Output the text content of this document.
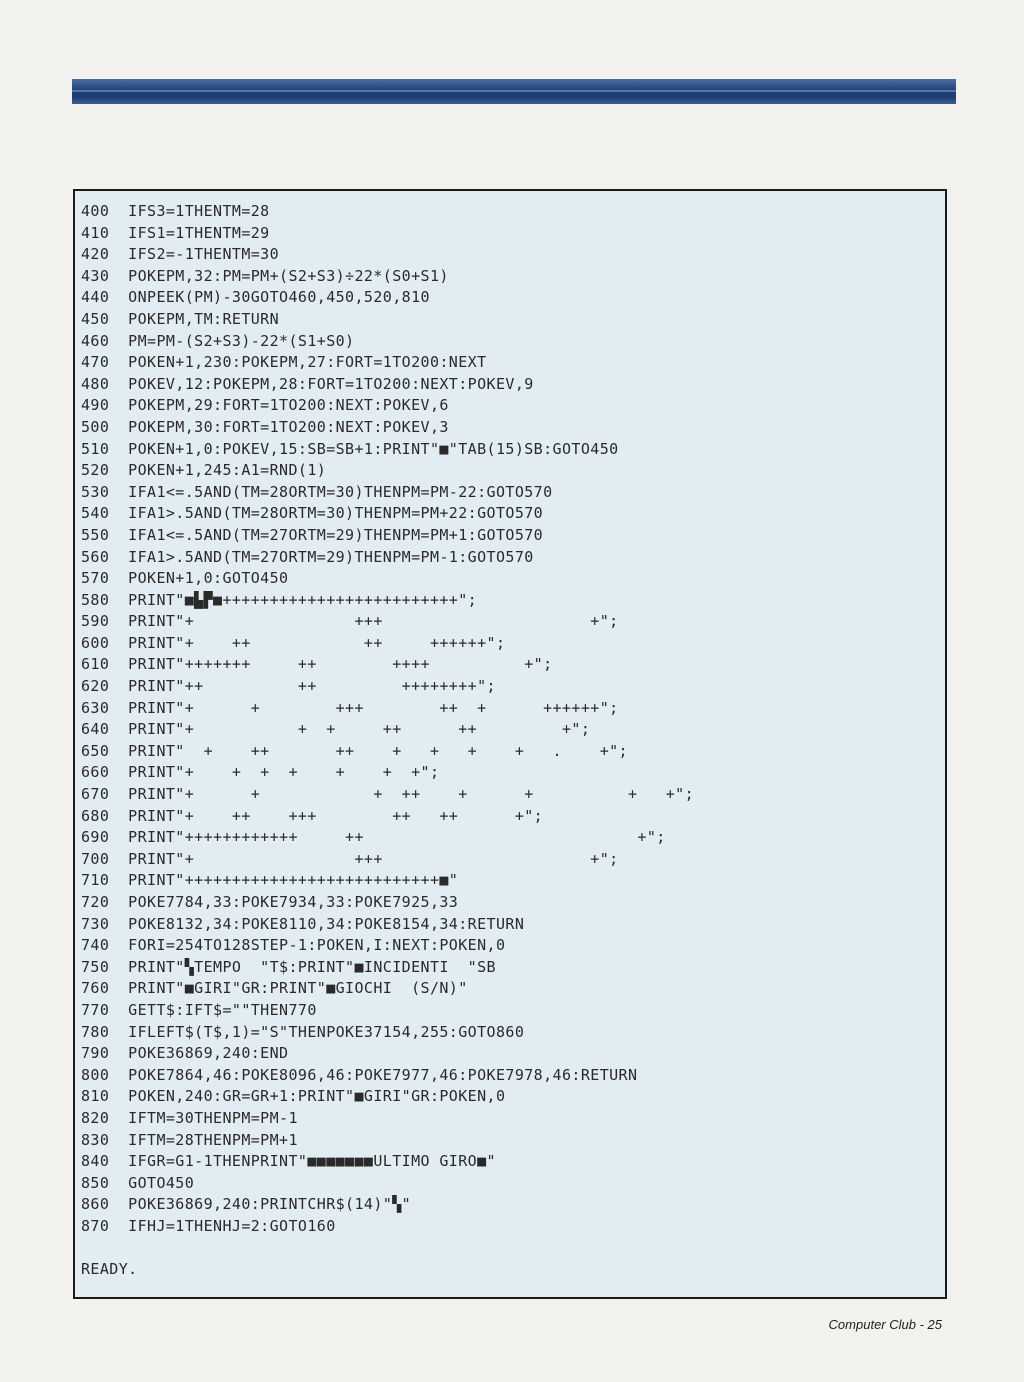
400  IFS3=1THENTM=28
410  IFS1=1THENTM=29
420  IFS2=-1THENTM=30
430  POKEPM,32:PM=PM+(S2+S3)÷22*(S0+S1)
440  ONPEEK(PM)-30GOTO460,450,520,810
450  POKEPM,TM:RETURN
460  PM=PM-(S2+S3)-22*(S1+S0)
470  POKEN+1,230:POKEPM,27:FORT=1TO200:NEXT
480  POKEV,12:POKEPM,28:FORT=1TO200:NEXT:POKEV,9
490  POKEPM,29:FORT=1TO200:NEXT:POKEV,6
500  POKEPM,30:FORT=1TO200:NEXT:POKEV,3
510  POKEN+1,0:POKEV,15:SB=SB+1:PRINT"■"TAB(15)SB:GOTO450
520  POKEN+1,245:A1=RND(1)
530  IFA1<=.5AND(TM=28ORTM=30)THENPM=PM-22:GOTO570
540  IFA1>.5AND(TM=28ORTM=30)THENPM=PM+22:GOTO570
550  IFA1<=.5AND(TM=27ORTM=29)THENPM=PM+1:GOTO570
560  IFA1>.5AND(TM=27ORTM=29)THENPM=PM-1:GOTO570
570  POKEN+1,0:GOTO450
580  PRINT"■▙▛■+++++++++++++++++++++++++";
590  PRINT"+                 +++                      +";
600  PRINT"+    ++            ++     ++++++";
610  PRINT"+++++++     ++        ++++          +";
620  PRINT"++          ++         ++++++++";
630  PRINT"+      +        +++        ++  +      ++++++";
640  PRINT"+           +  +     ++      ++         +";
650  PRINT"  +    ++       ++    +   +   +    +   .    +";
660  PRINT"+    +  +  +    +    +  +";
670  PRINT"+      +            +  ++    +      +          +   +";
680  PRINT"+    ++    +++        ++   ++      +";
690  PRINT"++++++++++++     ++                             +";
700  PRINT"+                 +++                      +";
710  PRINT"+++++++++++++++++++++++++++■"
720  POKE7784,33:POKE7934,33:POKE7925,33
730  POKE8132,34:POKE8110,34:POKE8154,34:RETURN
740  FORI=254TO128STEP-1:POKEN,I:NEXT:POKEN,0
750  PRINT"▚TEMPO  "T$:PRINT"■INCIDENTI  "SB
760  PRINT"■GIRI"GR:PRINT"■GIOCHI  (S/N)"
770  GETT$:IFT$=""THEN770
780  IFLEFT$(T$,1)="S"THENPOKE37154,255:GOTO860
790  POKE36869,240:END
800  POKE7864,46:POKE8096,46:POKE7977,46:POKE7978,46:RETURN
810  POKEN,240:GR=GR+1:PRINT"■GIRI"GR:POKEN,0
820  IFTM=30THENPM=PM-1
830  IFTM=28THENPM=PM+1
840  IFGR=G1-1THENPRINT"■■■■■■■ULTIMO GIRO■"
850  GOTO450
860  POKE36869,240:PRINTCHR$(14)"▚"
870  IFHJ=1THENHJ=2:GOTO160
READY.
Computer Club - 25
